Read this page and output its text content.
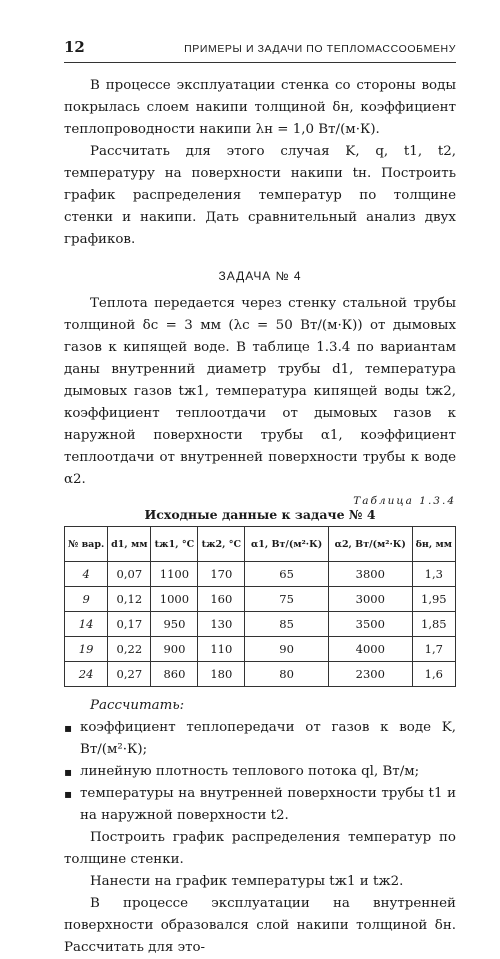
12	ПРИМЕРЫ И ЗАДАЧИ ПО ТЕПЛОМАССООБМЕНУ

В процессе эксплуатации стенка со стороны воды покрылась слоем накипи толщиной δн, коэффициент теплопроводности накипи λн = 1,0 Вт/(м·К).

Рассчитать для этого случая K, q, t1, t2, температуру на поверхности накипи tн. Построить график распределения температур по толщине стенки и накипи. Дать сравнительный анализ двух графиков.

ЗАДАЧА № 4

Теплота передается через стенку стальной трубы толщиной δс = 3 мм (λс = 50 Вт/(м·К)) от дымовых газов к кипящей воде. В таблице 1.3.4 по вариантам даны внутренний диаметр трубы d1, температура дымовых газов tж1, температура кипящей воды tж2, коэффициент теплоотдачи от дымовых газов к наружной поверхности трубы α1, коэффициент теплоотдачи от внутренней поверхности трубы к воде α2.

Таблица 1.3.4
Исходные данные к задаче № 4
№ вар.	d1, мм	tж1, °С	tж2, °С	α1, Вт/(м²·К)	α2, Вт/(м²·К)	δн, мм
4	0,07	1100	170	65	3800	1,3
9	0,12	1000	160	75	3000	1,95
14	0,17	950	130	85	3500	1,85
19	0,22	900	110	90	4000	1,7
24	0,27	860	180	80	2300	1,6
Рассчитать:
▪ коэффициент теплопередачи от газов к воде K, Вт/(м²·К);
▪ линейную плотность теплового потока ql, Вт/м;
▪ температуры на внутренней поверхности трубы t1 и на наружной поверхности t2.

Построить график распределения температур по толщине стенки.

Нанести на график температуры tж1 и tж2.

В процессе эксплуатации на внутренней поверхности образовался слой накипи толщиной δн. Рассчитать для это-
